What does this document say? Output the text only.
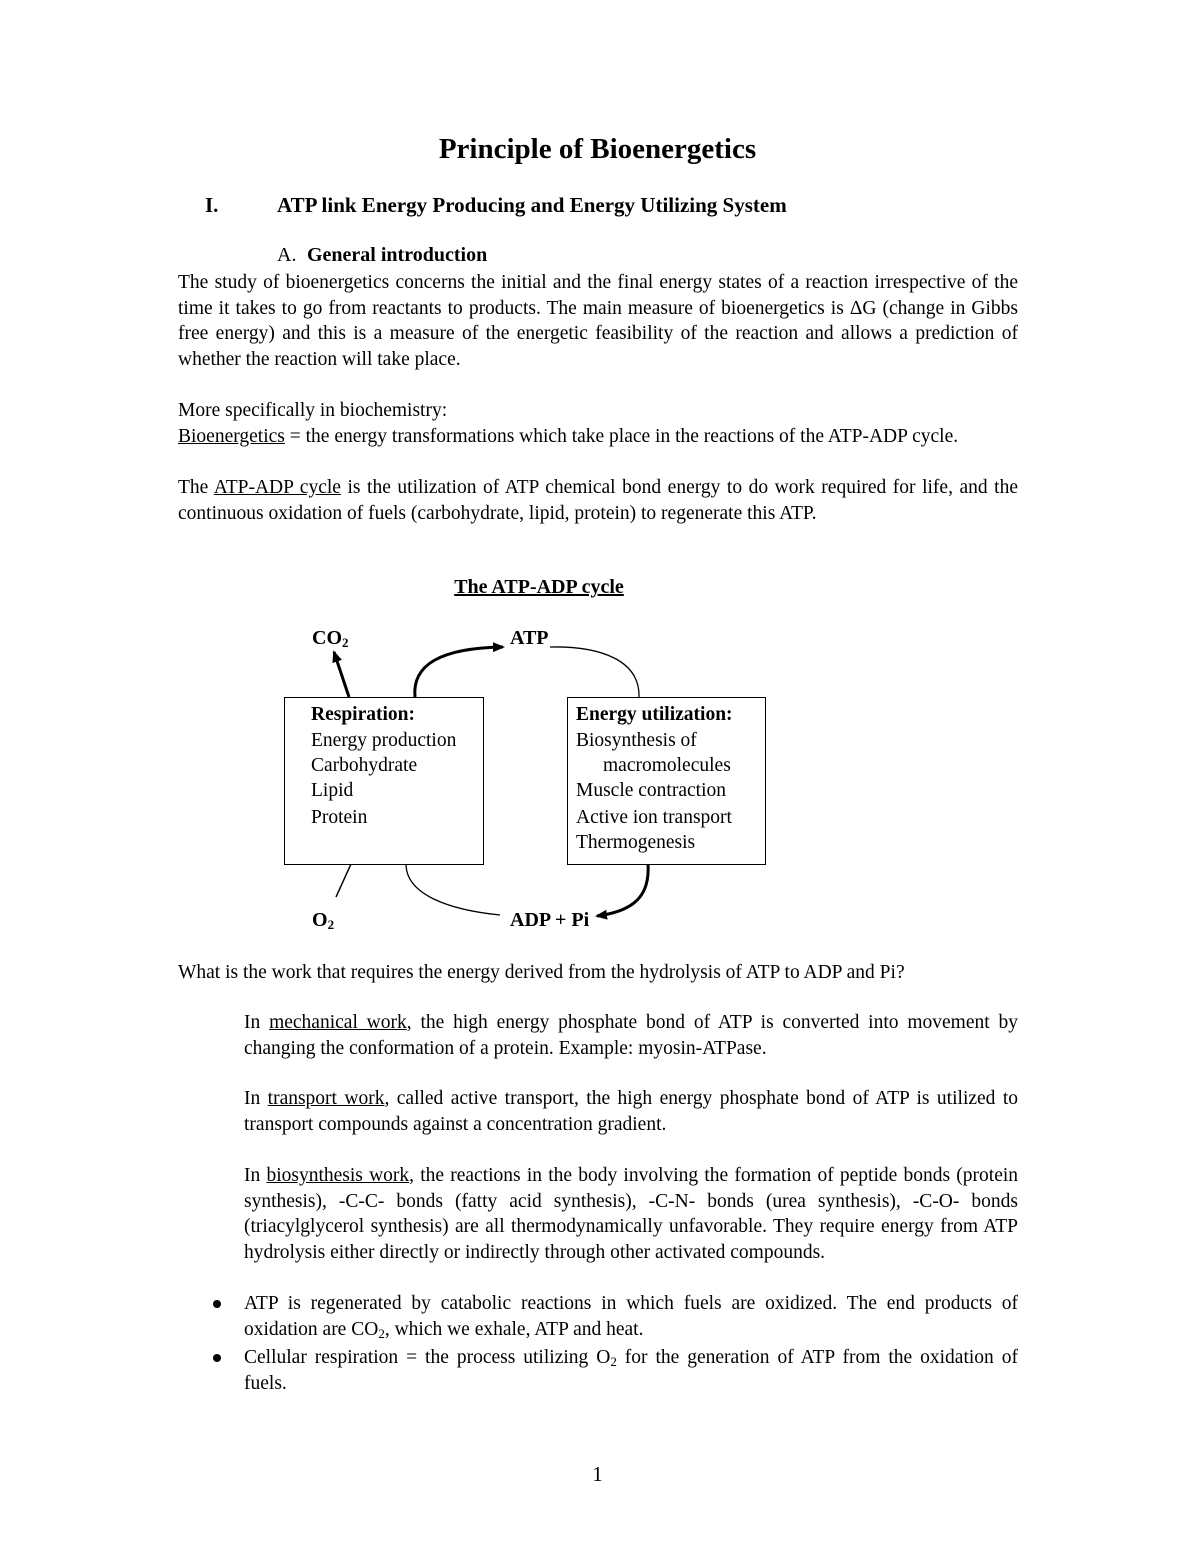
Principle of Bioenergetics
I.	ATP link Energy Producing and Energy Utilizing System
A. General introduction
The study of bioenergetics concerns the initial and the final energy states of a reaction irrespective of the time it takes to go from reactants to products. The main measure of bioenergetics is ΔG (change in Gibbs free energy) and this is a measure of the energetic feasibility of the reaction and allows a prediction of whether the reaction will take place.
More specifically in biochemistry:
Bioenergetics = the energy transformations which take place in the reactions of the ATP-ADP cycle.
The ATP-ADP cycle is the utilization of ATP chemical bond energy to do work required for life, and the continuous oxidation of fuels (carbohydrate, lipid, protein) to regenerate this ATP.
The ATP-ADP cycle
$CO_2$	ATP
$O_2$	ADP + Pi
Respiration:
Energy production
Carbohydrate
Lipid
Protein
Energy utilization:
Biosynthesis of
macromolecules
Muscle contraction
Active ion transport
Thermogenesis
What is the work that requires the energy derived from the hydrolysis of ATP to ADP and Pi?
In mechanical work, the high energy phosphate bond of ATP is converted into movement by changing the conformation of a protein. Example: myosin-ATPase.
In transport work, called active transport, the high energy phosphate bond of ATP is utilized to transport compounds against a concentration gradient.
In biosynthesis work, the reactions in the body involving the formation of peptide bonds (protein synthesis), -C-C- bonds (fatty acid synthesis), -C-N- bonds (urea synthesis), -C-O- bonds (triacylglycerol synthesis) are all thermodynamically unfavorable. They require energy from ATP hydrolysis either directly or indirectly through other activated compounds.
ATP is regenerated by catabolic reactions in which fuels are oxidized. The end products of oxidation are $CO_2$, which we exhale, ATP and heat.
Cellular respiration = the process utilizing $O_2$ for the generation of ATP from the oxidation of fuels.
1
